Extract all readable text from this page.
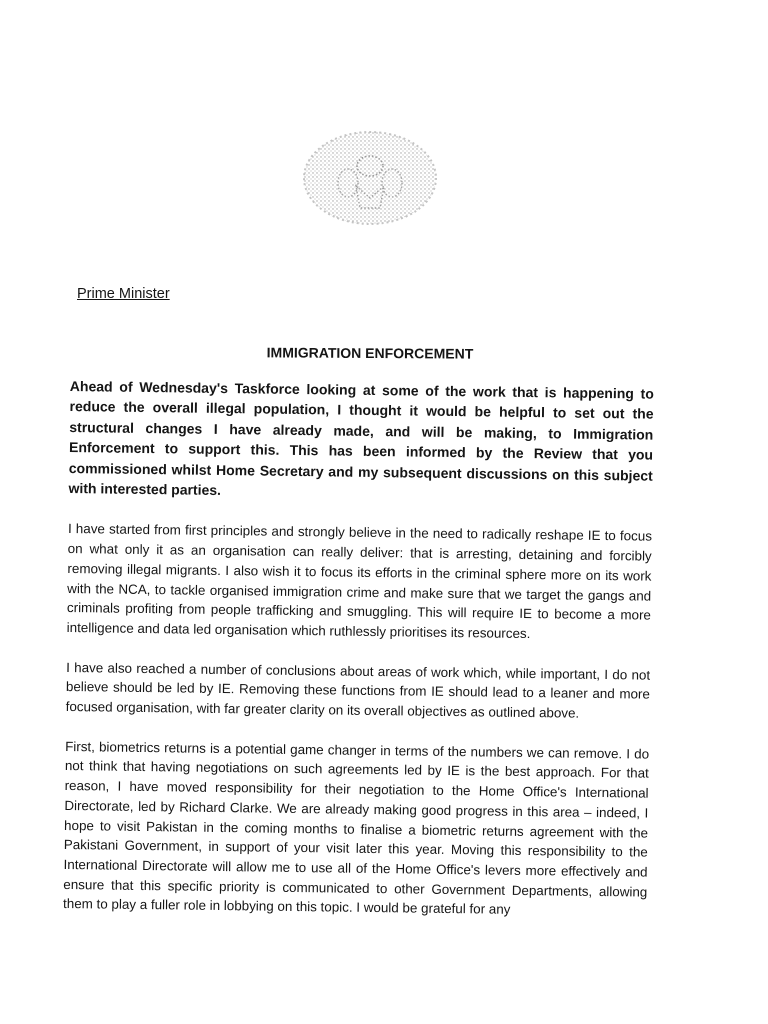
Prime Minister

IMMIGRATION ENFORCEMENT

Ahead of Wednesday's Taskforce looking at some of the work that is happening to reduce the overall illegal population, I thought it would be helpful to set out the structural changes I have already made, and will be making, to Immigration Enforcement to support this. This has been informed by the Review that you commissioned whilst Home Secretary and my subsequent discussions on this subject with interested parties.

I have started from first principles and strongly believe in the need to radically reshape IE to focus on what only it as an organisation can really deliver: that is arresting, detaining and forcibly removing illegal migrants. I also wish it to focus its efforts in the criminal sphere more on its work with the NCA, to tackle organised immigration crime and make sure that we target the gangs and criminals profiting from people trafficking and smuggling. This will require IE to become a more intelligence and data led organisation which ruthlessly prioritises its resources.

I have also reached a number of conclusions about areas of work which, while important, I do not believe should be led by IE. Removing these functions from IE should lead to a leaner and more focused organisation, with far greater clarity on its overall objectives as outlined above.

First, biometrics returns is a potential game changer in terms of the numbers we can remove. I do not think that having negotiations on such agreements led by IE is the best approach. For that reason, I have moved responsibility for their negotiation to the Home Office's International Directorate, led by Richard Clarke. We are already making good progress in this area – indeed, I hope to visit Pakistan in the coming months to finalise a biometric returns agreement with the Pakistani Government, in support of your visit later this year. Moving this responsibility to the International Directorate will allow me to use all of the Home Office's levers more effectively and ensure that this specific priority is communicated to other Government Departments, allowing them to play a fuller role in lobbying on this topic. I would be grateful for any
